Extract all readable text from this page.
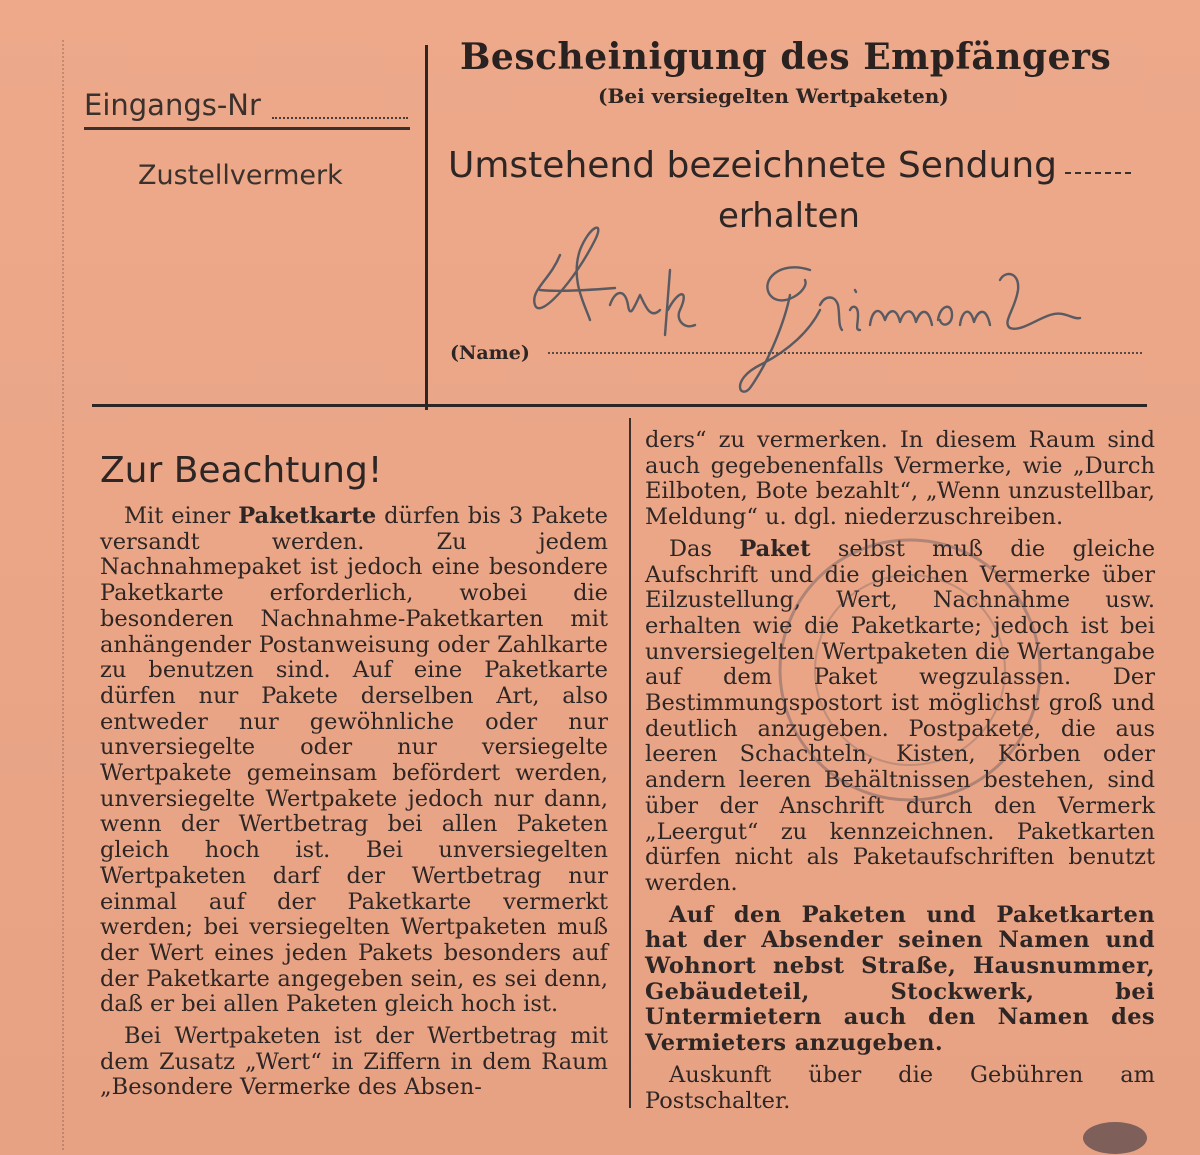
Eingangs-Nr
Zustellvermerk
Bescheinigung des Empfängers
(Bei versiegelten Wertpaketen)
Umstehend bezeichnete Sendung
erhalten
(Name)
Zur Beachtung!

Mit einer Paketkarte dürfen bis 3 Pakete versandt werden. Zu jedem Nachnahmepaket ist jedoch eine besondere Paketkarte erforderlich, wobei die besonderen Nachnahme-Paketkarten mit anhängender Postanweisung oder Zahlkarte zu benutzen sind. Auf eine Paketkarte dürfen nur Pakete derselben Art, also entweder nur gewöhnliche oder nur unversiegelte oder nur versiegelte Wertpakete gemeinsam befördert werden, unversiegelte Wertpakete jedoch nur dann, wenn der Wertbetrag bei allen Paketen gleich hoch ist. Bei unversiegelten Wertpaketen darf der Wertbetrag nur einmal auf der Paketkarte vermerkt werden; bei versiegelten Wertpaketen muß der Wert eines jeden Pakets besonders auf der Paketkarte angegeben sein, es sei denn, daß er bei allen Paketen gleich hoch ist.

Bei Wertpaketen ist der Wertbetrag mit dem Zusatz „Wert“ in Ziffern in dem Raum „Besondere Vermerke des Absen-

ders“ zu vermerken. In diesem Raum sind auch gegebenenfalls Vermerke, wie „Durch Eilboten, Bote bezahlt“, „Wenn unzustellbar, Meldung“ u. dgl. niederzuschreiben.

Das Paket selbst muß die gleiche Aufschrift und die gleichen Vermerke über Eilzustellung, Wert, Nachnahme usw. erhalten wie die Paketkarte; jedoch ist bei unversiegelten Wertpaketen die Wertangabe auf dem Paket wegzulassen. Der Bestimmungspostort ist möglichst groß und deutlich anzugeben. Postpakete, die aus leeren Schachteln, Kisten, Körben oder andern leeren Behältnissen bestehen, sind über der Anschrift durch den Vermerk „Leergut“ zu kennzeichnen. Paketkarten dürfen nicht als Paketaufschriften benutzt werden.

Auf den Paketen und Paketkarten hat der Absender seinen Namen und Wohnort nebst Straße, Hausnummer, Gebäudeteil, Stockwerk, bei Untermietern auch den Namen des Vermieters anzugeben.

Auskunft über die Gebühren am Postschalter.
